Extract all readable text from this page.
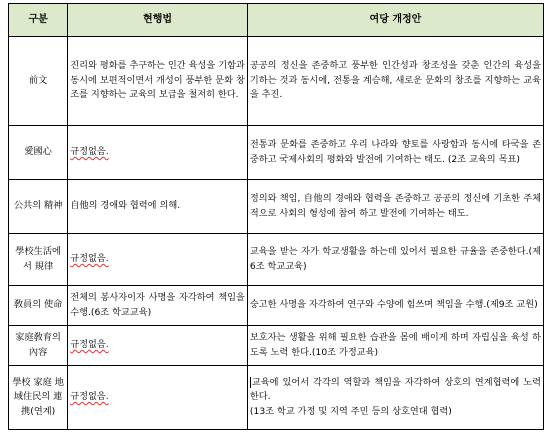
구분	현행법	여당 개정안
前文	진리와 평화를 추구하는 인간 육성을 기함과 동시에 보편적이면서 개성이 풍부한 문화 창조를 지향하는 교육의 보급을 철저히 한다.	공공의 정신을 존중하고 풍부한 인간성과 창조성을 갖춘 인간의 육성을 기하는 것과 동시에, 전통을 계승해, 새로운 문화의 창조를 지향하는 교육을 추진.
愛國心	규정없음.	전통과 문화를 존중하고 우리 나라와 향토를 사랑함과 동시에 타국을 존중하고 국제사회의 평화와 발전에 기여하는 태도. (2조 교육의 목표)
公共의 精神	自他의 경애와 협력에 의해.	정의와 책임, 自他의 경애와 협력을 존중하고 공공의 정신에 기초한 주체적으로 사회의 형성에 참여 하고 발전에 기여하는 태도.
學校生活에서 規律	규정없음.	교육을 받는 자가 학교생활을 하는데 있어서 필요한 규율을 존중한다.(제6조 학교교육)
敎員의 使命	전체의 봉사자이자 사명을 자각하여 책임을 수행.(6조 학교교육)	숭고한 사명을 자각하여 연구와 수양에 힘쓰며 책임을 수행.(제9조 교원)
家庭敎育의 內容	규정없음.	보호자는 생활을 위해 필요한 습관을 몸에 배이게 하며 자립심을 육성 하도록 노력 한다.(10조 가정교육)
學校 家庭 地域住民의 連携(연계)	규정없음.	교육에 있어서 각각의 역할과 책임을 자각하여 상호의 연계협력에 노력 한다.
(13조 학교 가정 및 지역 주민 등의 상호연대 협력)
